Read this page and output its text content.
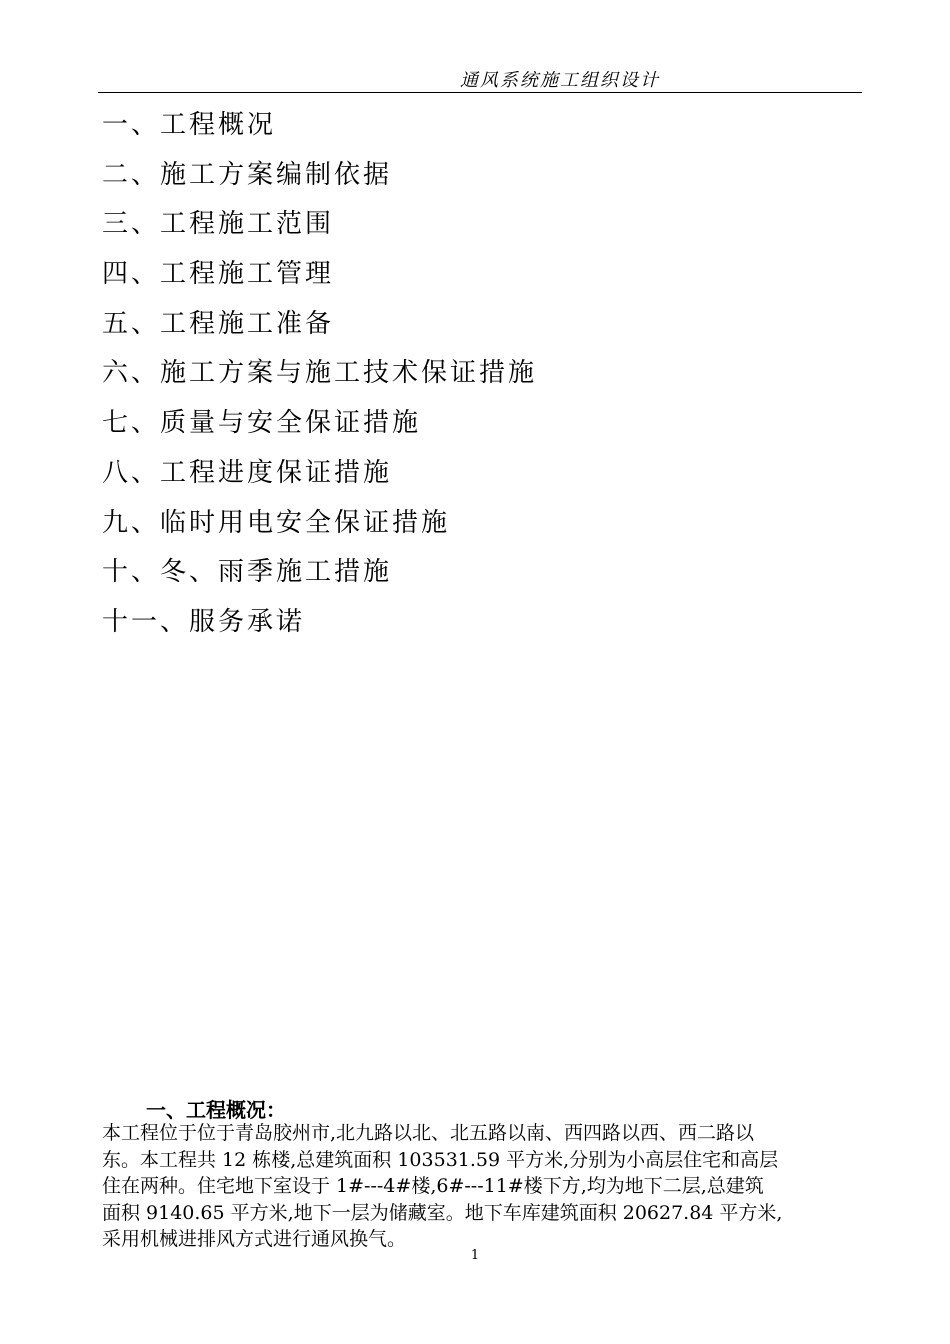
通风系统施工组织设计
一、工程概况
二、施工方案编制依据
三、工程施工范围
四、工程施工管理
五、工程施工准备
六、施工方案与施工技术保证措施
七、质量与安全保证措施
八、工程进度保证措施
九、临时用电安全保证措施
十、冬、雨季施工措施
十一、服务承诺
一、工程概况：
本工程位于位于青岛胶州市,北九路以北、北五路以南、西四路以西、西二路以
东。本工程共 12 栋楼,总建筑面积 103531.59 平方米,分别为小高层住宅和高层
住在两种。住宅地下室设于 1#---4#楼,6#---11#楼下方,均为地下二层,总建筑
面积 9140.65 平方米,地下一层为储藏室。地下车库建筑面积 20627.84 平方米,
采用机械进排风方式进行通风换气。
1
